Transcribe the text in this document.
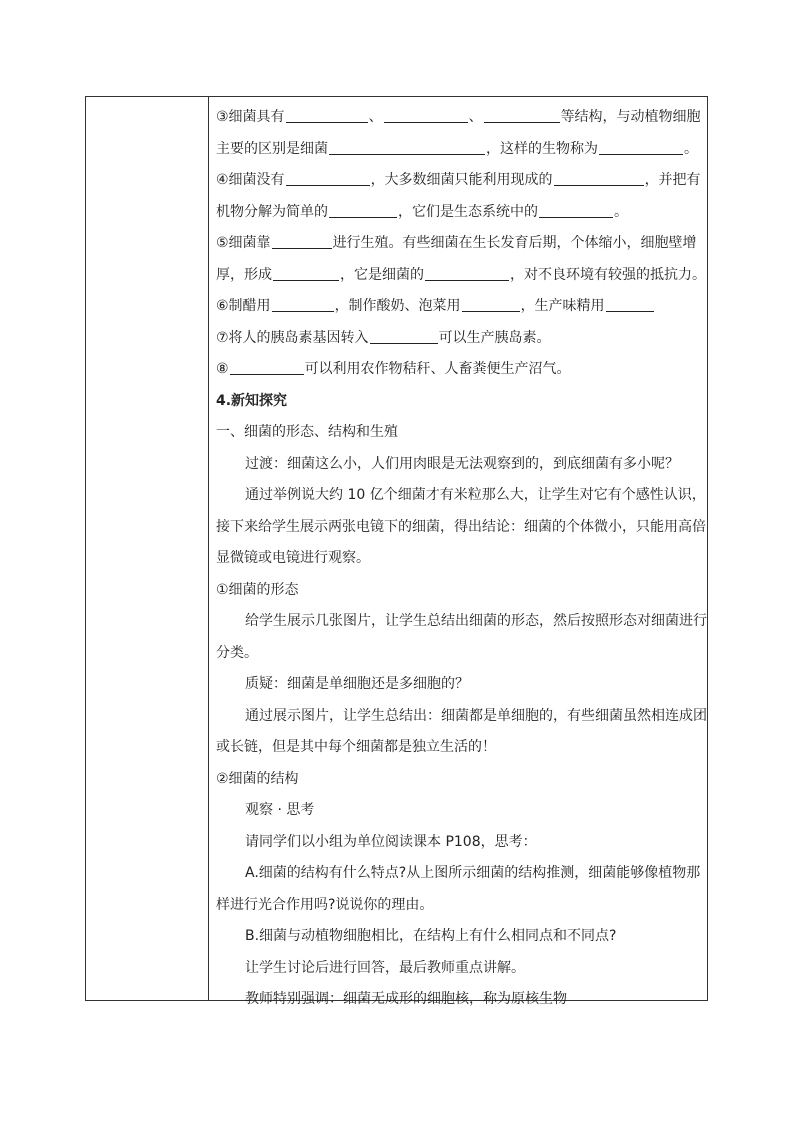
③细菌具有	、	、	等结构，与动植物细胞
主要的区别是细菌	，这样的生物称为	。
④细菌没有	，大多数细菌只能利用现成的	，并把有
机物分解为简单的	，它们是生态系统中的	。
⑤细菌靠	进行生殖。有些细菌在生长发育后期，个体缩小，细胞壁增
厚，形成	，它是细菌的	，对不良环境有较强的抵抗力。
⑥制醋用	，制作酸奶、泡菜用	，生产味精用
⑦将人的胰岛素基因转入	可以生产胰岛素。
⑧	可以利用农作物秸秆、人畜粪便生产沼气。
4.新知探究
一、细菌的形态、结构和生殖
过渡：细菌这么小，人们用肉眼是无法观察到的，到底细菌有多小呢？
通过举例说大约 10 亿个细菌才有米粒那么大，让学生对它有个感性认识，
接下来给学生展示两张电镜下的细菌，得出结论：细菌的个体微小，只能用高倍
显微镜或电镜进行观察。
①细菌的形态
给学生展示几张图片，让学生总结出细菌的形态，然后按照形态对细菌进行
分类。
质疑：细菌是单细胞还是多细胞的？
通过展示图片，让学生总结出：细菌都是单细胞的，有些细菌虽然相连成团
或长链，但是其中每个细菌都是独立生活的！
②细菌的结构
观察 · 思考
请同学们以小组为单位阅读课本 P108，思考：
A.细菌的结构有什么特点?从上图所示细菌的结构推测，细菌能够像植物那
样进行光合作用吗?说说你的理由。
B.细菌与动植物细胞相比，在结构上有什么相同点和不同点?
让学生讨论后进行回答，最后教师重点讲解。
教师特别强调：细菌无成形的细胞核，称为原核生物
